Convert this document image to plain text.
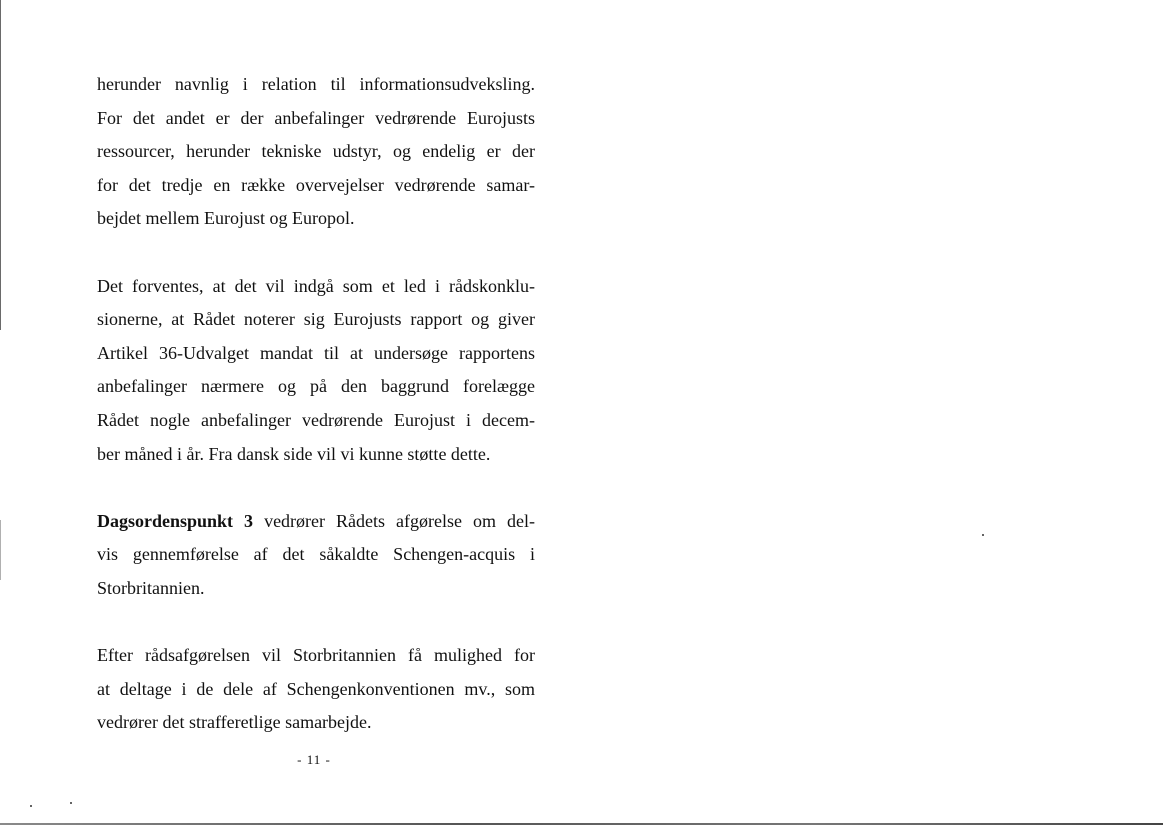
herunder navnlig i relation til informationsudveksling.
For det andet er der anbefalinger vedrørende Eurojusts
ressourcer, herunder tekniske udstyr, og endelig er der
for det tredje en række overvejelser vedrørende samar-
bejdet mellem Eurojust og Europol.

Det forventes, at det vil indgå som et led i rådskonklu-
sionerne, at Rådet noterer sig Eurojusts rapport og giver
Artikel 36-Udvalget mandat til at undersøge rapportens
anbefalinger nærmere og på den baggrund forelægge
Rådet nogle anbefalinger vedrørende Eurojust i decem-
ber måned i år. Fra dansk side vil vi kunne støtte dette.

Dagsordenspunkt 3 vedrører Rådets afgørelse om del-
vis gennemførelse af det såkaldte Schengen-acquis i
Storbritannien.

Efter rådsafgørelsen vil Storbritannien få mulighed for
at deltage i de dele af Schengenkonventionen mv., som
vedrører det strafferetlige samarbejde.

- 11 -
